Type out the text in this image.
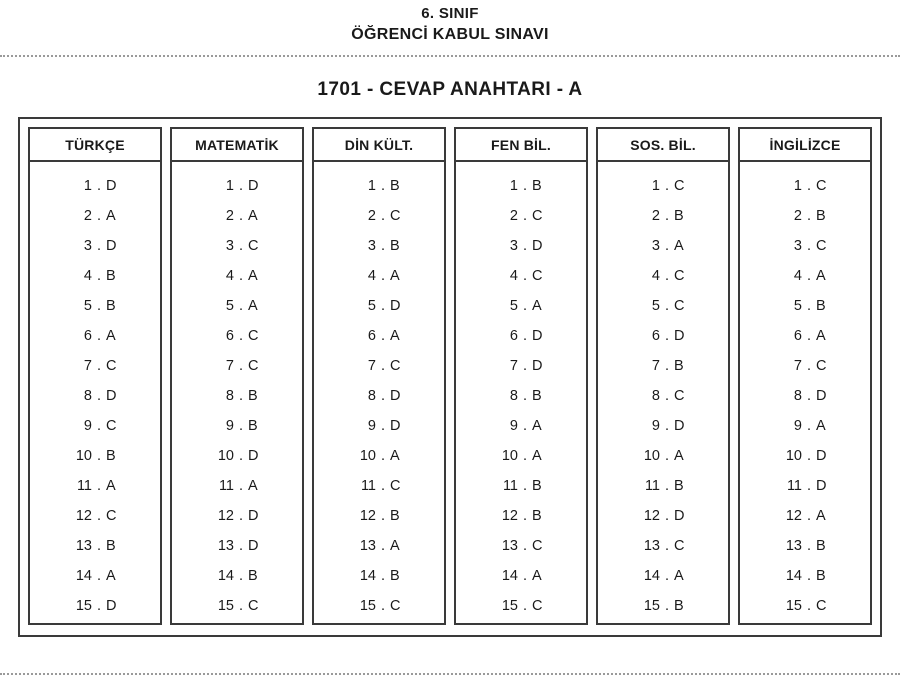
6. SINIF
ÖĞRENCİ KABUL SINAVI
1701 - CEVAP ANAHTARI - A
TÜRKÇE
1 . D
2 . A
3 . D
4 . B
5 . B
6 . A
7 . C
8 . D
9 . C
10 . B
11 . A
12 . C
13 . B
14 . A
15 . D
MATEMATİK
1 . D
2 . A
3 . C
4 . A
5 . A
6 . C
7 . C
8 . B
9 . B
10 . D
11 . A
12 . D
13 . D
14 . B
15 . C
DİN KÜLT.
1 . B
2 . C
3 . B
4 . A
5 . D
6 . A
7 . C
8 . D
9 . D
10 . A
11 . C
12 . B
13 . A
14 . B
15 . C
FEN BİL.
1 . B
2 . C
3 . D
4 . C
5 . A
6 . D
7 . D
8 . B
9 . A
10 . A
11 . B
12 . B
13 . C
14 . A
15 . C
SOS. BİL.
1 . C
2 . B
3 . A
4 . C
5 . C
6 . D
7 . B
8 . C
9 . D
10 . A
11 . B
12 . D
13 . C
14 . A
15 . B
İNGİLİZCE
1 . C
2 . B
3 . C
4 . A
5 . B
6 . A
7 . C
8 . D
9 . A
10 . D
11 . D
12 . A
13 . B
14 . B
15 . C
